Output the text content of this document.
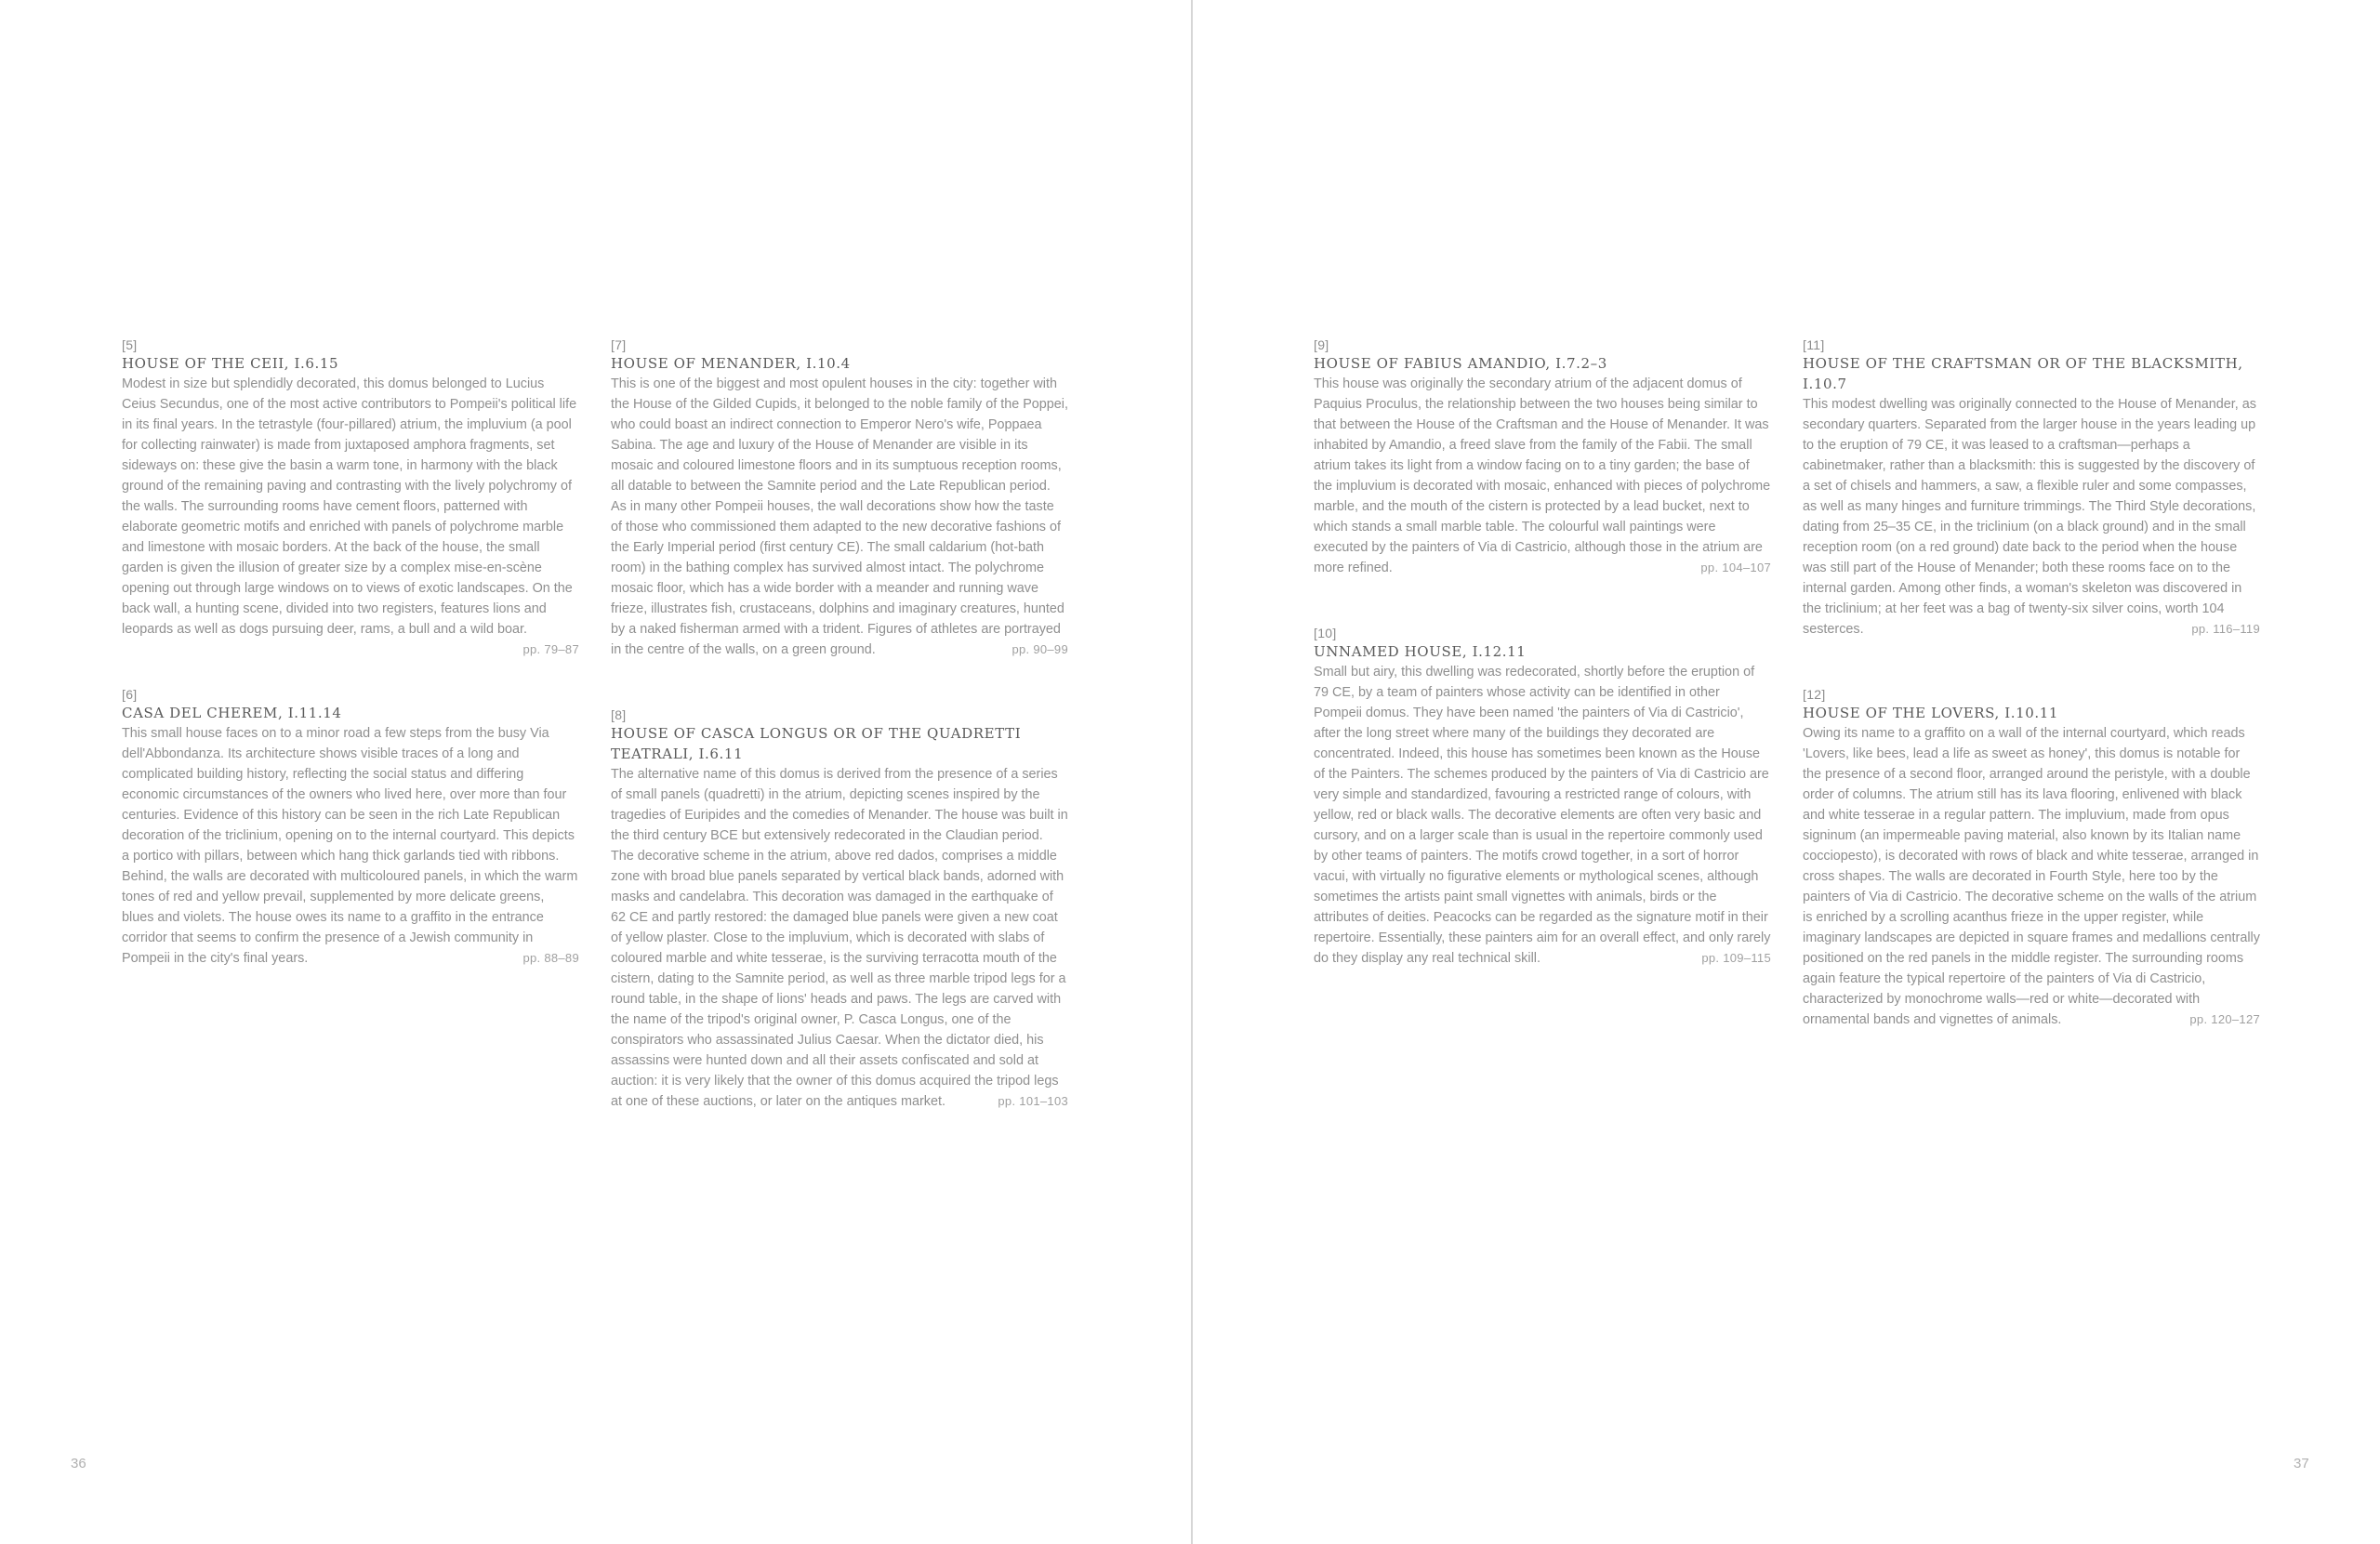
[5]
HOUSE OF THE CEII, I.6.15

Modest in size but splendidly decorated, this domus belonged to Lucius Ceius Secundus, one of the most active contributors to Pompeii's political life in its final years. In the tetrastyle (four-pillared) atrium, the impluvium (a pool for collecting rainwater) is made from juxtaposed amphora fragments, set sideways on: these give the basin a warm tone, in harmony with the black ground of the remaining paving and contrasting with the lively polychromy of the walls. The surrounding rooms have cement floors, patterned with elaborate geometric motifs and enriched with panels of polychrome marble and limestone with mosaic borders. At the back of the house, the small garden is given the illusion of greater size by a complex mise-en-scène opening out through large windows on to views of exotic landscapes. On the back wall, a hunting scene, divided into two registers, features lions and leopards as well as dogs pursuing deer, rams, a bull and a wild boar.
pp. 79–87

[6]
CASA DEL CHEREM, I.11.14

This small house faces on to a minor road a few steps from the busy Via dell'Abbondanza. Its architecture shows visible traces of a long and complicated building history, reflecting the social status and differing economic circumstances of the owners who lived here, over more than four centuries. Evidence of this history can be seen in the rich Late Republican decoration of the triclinium, opening on to the internal courtyard. This depicts a portico with pillars, between which hang thick garlands tied with ribbons. Behind, the walls are decorated with multicoloured panels, in which the warm tones of red and yellow prevail, supplemented by more delicate greens, blues and violets. The house owes its name to a graffito in the entrance corridor that seems to confirm the presence of a Jewish community in Pompeii in the city's final years.	pp. 88–89

[7]
HOUSE OF MENANDER, I.10.4

This is one of the biggest and most opulent houses in the city: together with the House of the Gilded Cupids, it belonged to the noble family of the Poppei, who could boast an indirect connection to Emperor Nero's wife, Poppaea Sabina. The age and luxury of the House of Menander are visible in its mosaic and coloured limestone floors and in its sumptuous reception rooms, all datable to between the Samnite period and the Late Republican period. As in many other Pompeii houses, the wall decorations show how the taste of those who commissioned them adapted to the new decorative fashions of the Early Imperial period (first century CE). The small caldarium (hot-bath room) in the bathing complex has survived almost intact. The polychrome mosaic floor, which has a wide border with a meander and running wave frieze, illustrates fish, crustaceans, dolphins and imaginary creatures, hunted by a naked fisherman armed with a trident. Figures of athletes are portrayed in the centre of the walls, on a green ground.	pp. 90–99

[8]
HOUSE OF CASCA LONGUS OR OF THE QUADRETTI TEATRALI, I.6.11

The alternative name of this domus is derived from the presence of a series of small panels (quadretti) in the atrium, depicting scenes inspired by the tragedies of Euripides and the comedies of Menander. The house was built in the third century BCE but extensively redecorated in the Claudian period. The decorative scheme in the atrium, above red dados, comprises a middle zone with broad blue panels separated by vertical black bands, adorned with masks and candelabra. This decoration was damaged in the earthquake of 62 CE and partly restored: the damaged blue panels were given a new coat of yellow plaster. Close to the impluvium, which is decorated with slabs of coloured marble and white tesserae, is the surviving terracotta mouth of the cistern, dating to the Samnite period, as well as three marble tripod legs for a round table, in the shape of lions' heads and paws. The legs are carved with the name of the tripod's original owner, P. Casca Longus, one of the conspirators who assassinated Julius Caesar. When the dictator died, his assassins were hunted down and all their assets confiscated and sold at auction: it is very likely that the owner of this domus acquired the tripod legs at one of these auctions, or later on the antiques market.	pp. 101–103

[9]
HOUSE OF FABIUS AMANDIO, I.7.2–3

This house was originally the secondary atrium of the adjacent domus of Paquius Proculus, the relationship between the two houses being similar to that between the House of the Craftsman and the House of Menander. It was inhabited by Amandio, a freed slave from the family of the Fabii. The small atrium takes its light from a window facing on to a tiny garden; the base of the impluvium is decorated with mosaic, enhanced with pieces of polychrome marble, and the mouth of the cistern is protected by a lead bucket, next to which stands a small marble table. The colourful wall paintings were executed by the painters of Via di Castricio, although those in the atrium are more refined.	pp. 104–107

[10]
UNNAMED HOUSE, I.12.11

Small but airy, this dwelling was redecorated, shortly before the eruption of 79 CE, by a team of painters whose activity can be identified in other Pompeii domus. They have been named 'the painters of Via di Castricio', after the long street where many of the buildings they decorated are concentrated. Indeed, this house has sometimes been known as the House of the Painters. The schemes produced by the painters of Via di Castricio are very simple and standardized, favouring a restricted range of colours, with yellow, red or black walls. The decorative elements are often very basic and cursory, and on a larger scale than is usual in the repertoire commonly used by other teams of painters. The motifs crowd together, in a sort of horror vacui, with virtually no figurative elements or mythological scenes, although sometimes the artists paint small vignettes with animals, birds or the attributes of deities. Peacocks can be regarded as the signature motif in their repertoire. Essentially, these painters aim for an overall effect, and only rarely do they display any real technical skill.	pp. 109–115

[11]
HOUSE OF THE CRAFTSMAN OR OF THE BLACKSMITH, I.10.7

This modest dwelling was originally connected to the House of Menander, as secondary quarters. Separated from the larger house in the years leading up to the eruption of 79 CE, it was leased to a craftsman—perhaps a cabinetmaker, rather than a blacksmith: this is suggested by the discovery of a set of chisels and hammers, a saw, a flexible ruler and some compasses, as well as many hinges and furniture trimmings. The Third Style decorations, dating from 25–35 CE, in the triclinium (on a black ground) and in the small reception room (on a red ground) date back to the period when the house was still part of the House of Menander; both these rooms face on to the internal garden. Among other finds, a woman's skeleton was discovered in the triclinium; at her feet was a bag of twenty-six silver coins, worth 104 sesterces.	pp. 116–119

[12]
HOUSE OF THE LOVERS, I.10.11

Owing its name to a graffito on a wall of the internal courtyard, which reads 'Lovers, like bees, lead a life as sweet as honey', this domus is notable for the presence of a second floor, arranged around the peristyle, with a double order of columns. The atrium still has its lava flooring, enlivened with black and white tesserae in a regular pattern. The impluvium, made from opus signinum (an impermeable paving material, also known by its Italian name cocciopesto), is decorated with rows of black and white tesserae, arranged in cross shapes. The walls are decorated in Fourth Style, here too by the painters of Via di Castricio. The decorative scheme on the walls of the atrium is enriched by a scrolling acanthus frieze in the upper register, while imaginary landscapes are depicted in square frames and medallions centrally positioned on the red panels in the middle register. The surrounding rooms again feature the typical repertoire of the painters of Via di Castricio, characterized by monochrome walls—red or white—decorated with ornamental bands and vignettes of animals.	pp. 120–127

36	37
